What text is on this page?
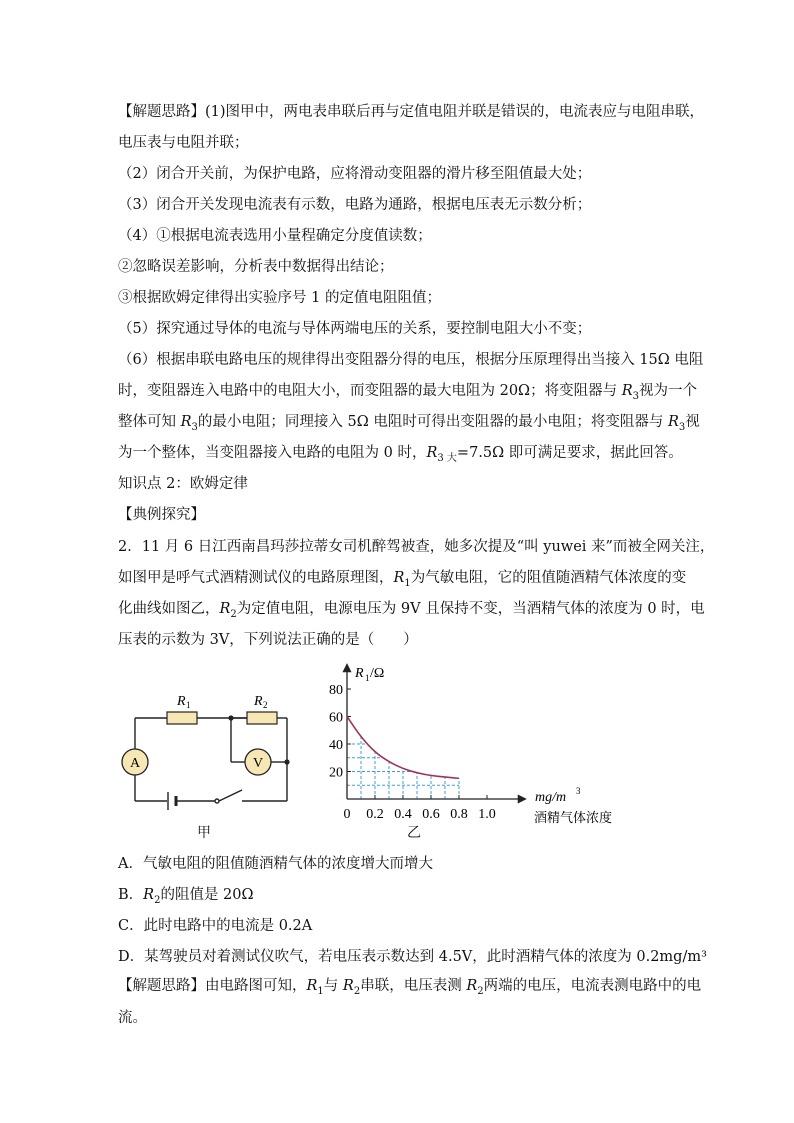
【解题思路】(1)图甲中，两电表串联后再与定值电阻并联是错误的，电流表应与电阻串联，
电压表与电阻并联；
（2）闭合开关前，为保护电路，应将滑动变阻器的滑片移至阻值最大处；
（3）闭合开关发现电流表有示数，电路为通路，根据电压表无示数分析；
（4）①根据电流表选用小量程确定分度值读数；
②忽略误差影响，分析表中数据得出结论；
③根据欧姆定律得出实验序号 1 的定值电阻阻值；
（5）探究通过导体的电流与导体两端电压的关系，要控制电阻大小不变；
（6）根据串联电路电压的规律得出变阻器分得的电压，根据分压原理得出当接入 15Ω 电阻
时，变阻器连入电路中的电阻大小，而变阻器的最大电阻为 20Ω；将变阻器与 $R_3$视为一个
整体可知 $R_3$的最小电阻；同理接入 5Ω 电阻时可得出变阻器的最小电阻；将变阻器与 $R_3$视
为一个整体，当变阻器接入电路的电阻为 0 时，$R_{3 大}=7.5\Omega$ 即可满足要求，据此回答。
知识点 2：欧姆定律
【典例探究】
2．11 月 6 日江西南昌玛莎拉蒂女司机醉驾被查，她多次提及“叫 yuwei 来”而被全网关注，
如图甲是呼气式酒精测试仪的电路原理图，$R_1$为气敏电阻，它的阻值随酒精气体浓度的变
化曲线如图乙，$R_2$为定值电阻，电源电压为 9V 且保持不变，当酒精气体的浓度为 0 时，电
压表的示数为 3V，下列说法正确的是（　　）
A	V
R 1	R 2
甲
0.2 0.4 0.6 0.8 1.0
20
40
60
80
R 1 /Ω
0
mg/m 3
酒精气体浓度
乙
A．气敏电阻的阻值随酒精气体的浓度增大而增大
B．$R_2$的阻值是 20Ω
C．此时电路中的电流是 0.2A
D．某驾驶员对着测试仪吹气，若电压表示数达到 4.5V，此时酒精气体的浓度为 0.2mg/m³
【解题思路】由电路图可知，$R_1$与 $R_2$串联，电压表测 $R_2$两端的电压，电流表测电路中的电
流。
